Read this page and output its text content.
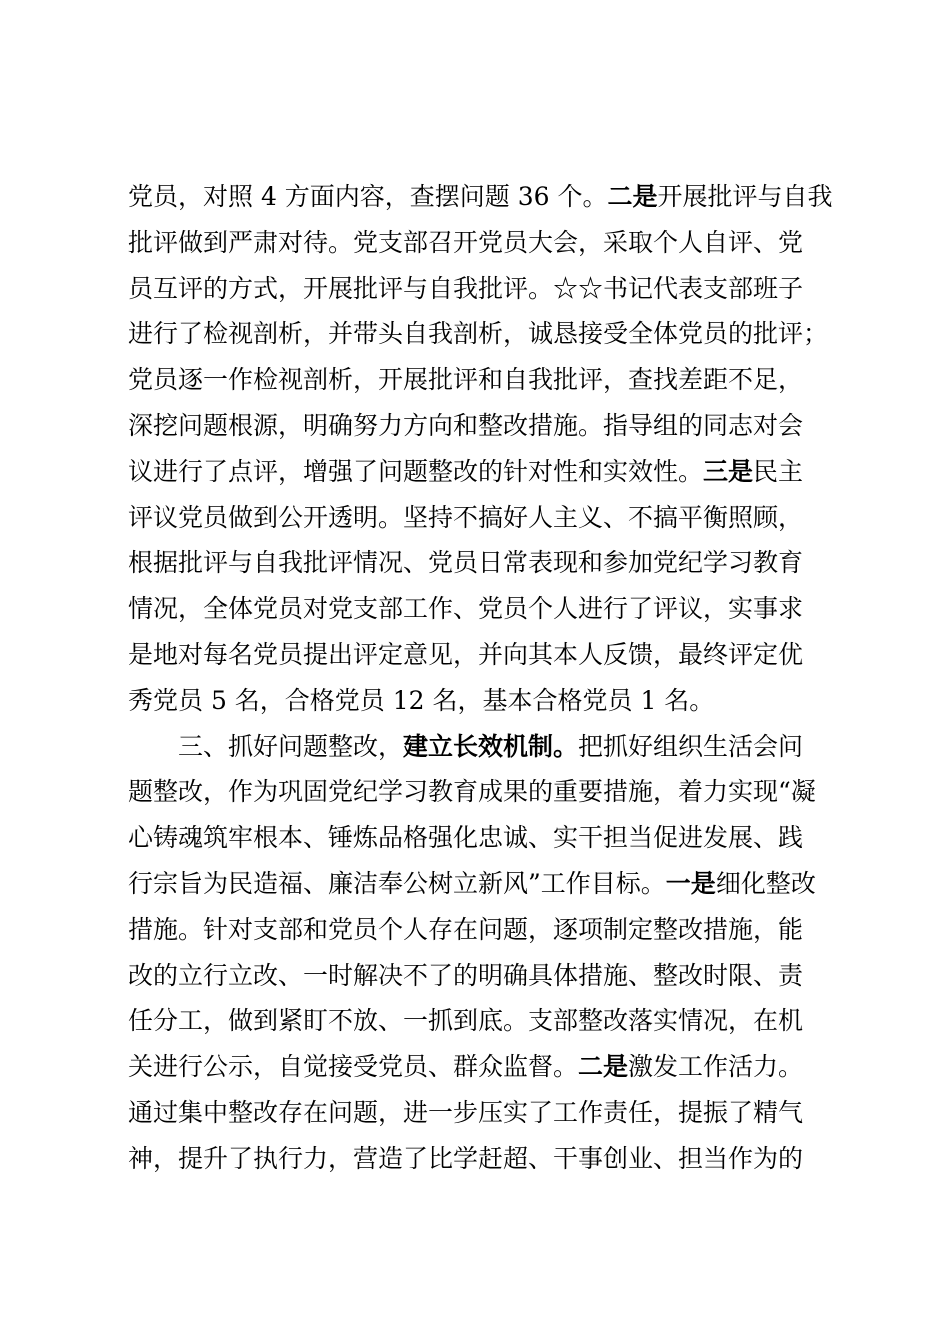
党员，对照 4 方面内容，查摆问题 36 个。二是开展批评与自我
批评做到严肃对待。党支部召开党员大会，采取个人自评、党
员互评的方式，开展批评与自我批评。☆☆书记代表支部班子
进行了检视剖析，并带头自我剖析，诚恳接受全体党员的批评；
党员逐一作检视剖析，开展批评和自我批评，查找差距不足，
深挖问题根源，明确努力方向和整改措施。指导组的同志对会
议进行了点评，增强了问题整改的针对性和实效性。三是民主
评议党员做到公开透明。坚持不搞好人主义、不搞平衡照顾，
根据批评与自我批评情况、党员日常表现和参加党纪学习教育
情况，全体党员对党支部工作、党员个人进行了评议，实事求
是地对每名党员提出评定意见，并向其本人反馈，最终评定优
秀党员 5 名，合格党员 12 名，基本合格党员 1 名。
三、抓好问题整改，建立长效机制。把抓好组织生活会问
题整改，作为巩固党纪学习教育成果的重要措施，着力实现“凝
心铸魂筑牢根本、锤炼品格强化忠诚、实干担当促进发展、践
行宗旨为民造福、廉洁奉公树立新风”工作目标。一是细化整改
措施。针对支部和党员个人存在问题，逐项制定整改措施，能
改的立行立改、一时解决不了的明确具体措施、整改时限、责
任分工，做到紧盯不放、一抓到底。支部整改落实情况，在机
关进行公示，自觉接受党员、群众监督。二是激发工作活力。
通过集中整改存在问题，进一步压实了工作责任，提振了精气
神，提升了执行力，营造了比学赶超、干事创业、担当作为的
